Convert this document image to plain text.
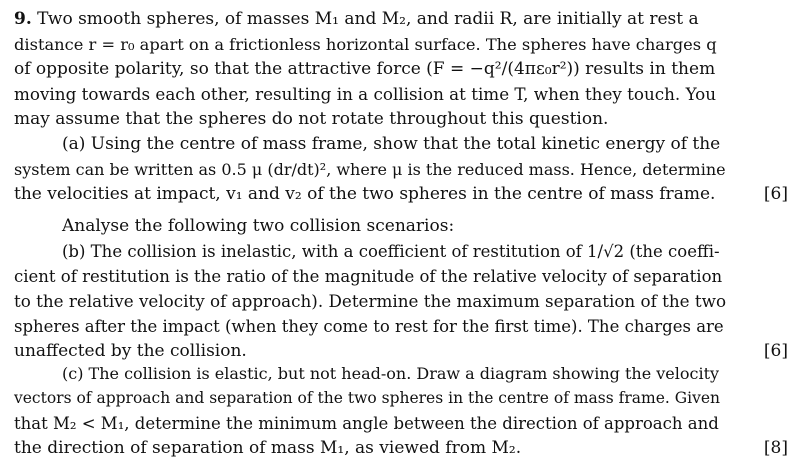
9. Two smooth spheres, of masses M₁ and M₂, and radii R, are initially at rest a
distance r = r₀ apart on a frictionless horizontal surface. The spheres have charges q
of opposite polarity, so that the attractive force (F = −q²/(4πε₀r²)) results in them
moving towards each other, resulting in a collision at time T, when they touch. You
may assume that the spheres do not rotate throughout this question.
(a) Using the centre of mass frame, show that the total kinetic energy of the
system can be written as 0.5 μ (dr/dt)², where μ is the reduced mass. Hence, determine
the velocities at impact, v₁ and v₂ of the two spheres in the centre of mass frame.	[6]
Analyse the following two collision scenarios:
(b) The collision is inelastic, with a coefficient of restitution of 1/√2 (the coeffi-
cient of restitution is the ratio of the magnitude of the relative velocity of separation
to the relative velocity of approach). Determine the maximum separation of the two
spheres after the impact (when they come to rest for the first time). The charges are
unaffected by the collision.	[6]
(c) The collision is elastic, but not head-on. Draw a diagram showing the velocity
vectors of approach and separation of the two spheres in the centre of mass frame. Given
that M₂ < M₁, determine the minimum angle between the direction of approach and
the direction of separation of mass M₁, as viewed from M₂.	[8]
